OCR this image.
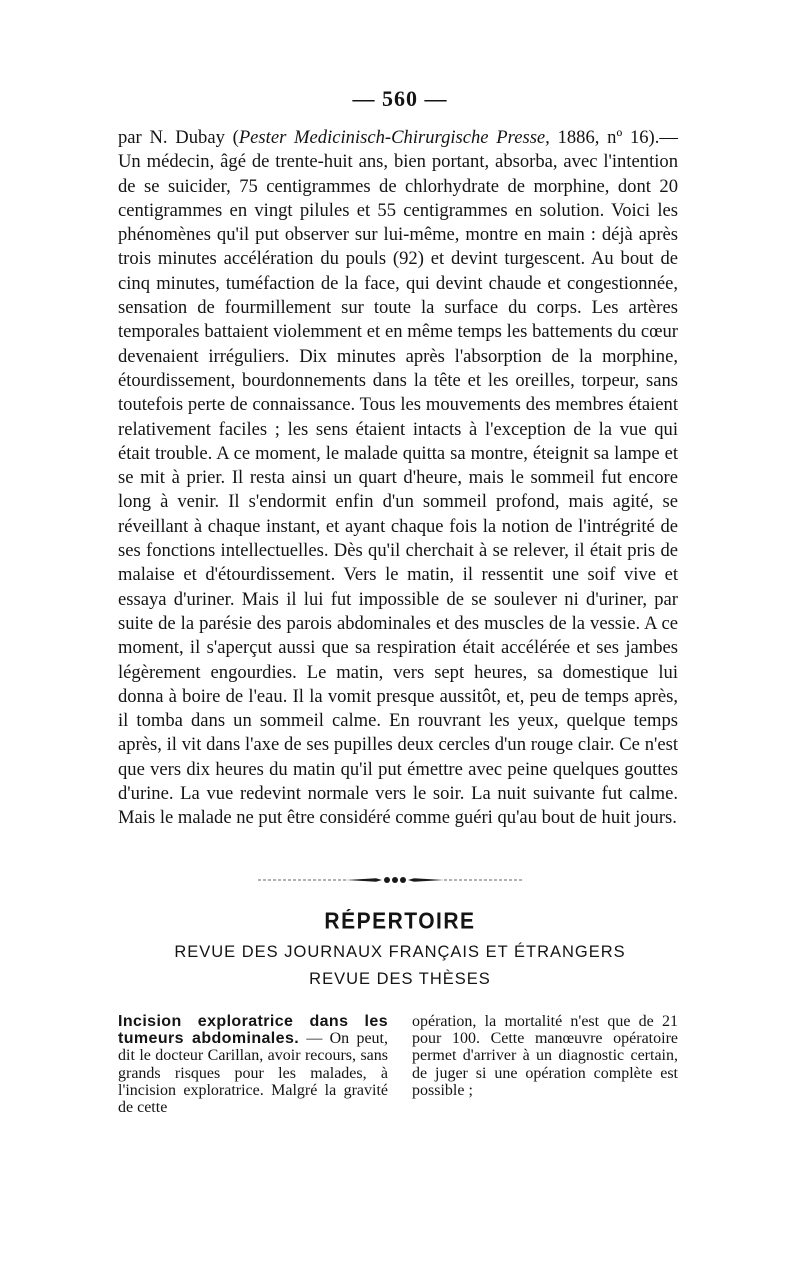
— 560 —

par N. Dubay (Pester Medicinisch-Chirurgische Presse, 1886, nº 16).— Un médecin, âgé de trente-huit ans, bien portant, absorba, avec l'intention de se suicider, 75 centigrammes de chlorhydrate de morphine, dont 20 centigrammes en vingt pilules et 55 centigrammes en solution. Voici les phénomènes qu'il put observer sur lui-même, montre en main : déjà après trois minutes accélération du pouls (92) et devint turgescent. Au bout de cinq minutes, tuméfaction de la face, qui devint chaude et congestionnée, sensation de fourmillement sur toute la surface du corps. Les artères temporales battaient violemment et en même temps les battements du cœur devenaient irréguliers. Dix minutes après l'absorption de la morphine, étourdissement, bourdonnements dans la tête et les oreilles, torpeur, sans toutefois perte de connaissance. Tous les mouvements des membres étaient relativement faciles ; les sens étaient intacts à l'exception de la vue qui était trouble. A ce moment, le malade quitta sa montre, éteignit sa lampe et se mit à prier. Il resta ainsi un quart d'heure, mais le sommeil fut encore long à venir. Il s'endormit enfin d'un sommeil profond, mais agité, se réveillant à chaque instant, et ayant chaque fois la notion de l'intrégrité de ses fonctions intellectuelles. Dès qu'il cherchait à se relever, il était pris de malaise et d'étourdissement. Vers le matin, il ressentit une soif vive et essaya d'uriner. Mais il lui fut impossible de se soulever ni d'uriner, par suite de la parésie des parois abdominales et des muscles de la vessie. A ce moment, il s'aperçut aussi que sa respiration était accélérée et ses jambes légèrement engourdies. Le matin, vers sept heures, sa domestique lui donna à boire de l'eau. Il la vomit presque aussitôt, et, peu de temps après, il tomba dans un sommeil calme. En rouvrant les yeux, quelque temps après, il vit dans l'axe de ses pupilles deux cercles d'un rouge clair. Ce n'est que vers dix heures du matin qu'il put émettre avec peine quelques gouttes d'urine. La vue redevint normale vers le soir. La nuit suivante fut calme. Mais le malade ne put être considéré comme guéri qu'au bout de huit jours.

RÉPERTOIRE
REVUE DES JOURNAUX FRANÇAIS ET ÉTRANGERS
REVUE DES THÈSES

Incision exploratrice dans les tumeurs abdominales. — On peut, dit le docteur Carillan, avoir recours, sans grands risques pour les malades, à l'incision exploratrice. Malgré la gravité de cette

opération, la mortalité n'est que de 21 pour 100. Cette manœuvre opératoire permet d'arriver à un diagnostic certain, de juger si une opération complète est possible ;
